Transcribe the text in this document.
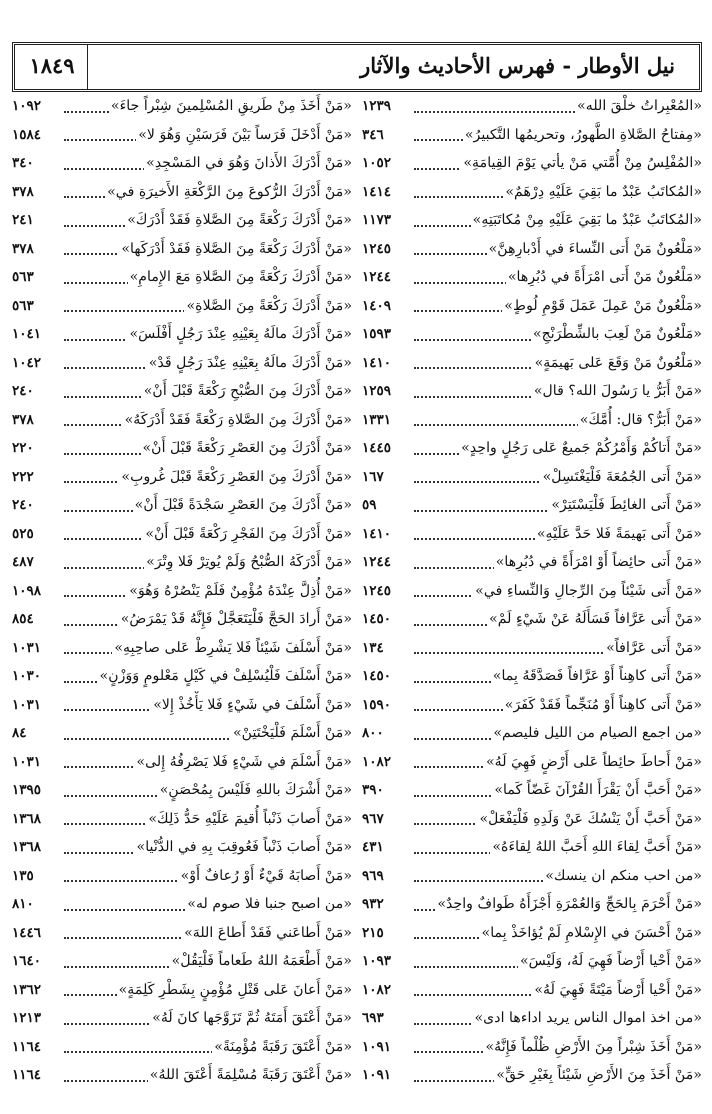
١٨٤٩	نيل الأوطار - فهرس الأحاديث والآثار
«المُعْبِراتُ خلْقَ الله»
١٢٣٩
«مِفتاحُ الصَّلاةِ الطَّهورُ، وتحريمُها التَّكبيرُ»
٣٤٦
«المُفْلِسُ مِنْ أُمَّتي مَنْ يأتي يَوْمَ القِيامَةِ»
١٠٥٢
«المُكاتَبُ عَبْدٌ ما بَقِيَ عَلَيْهِ دِرْهَمٌ»
١٤١٤
«المُكاتَبُ عَبْدٌ ما بَقِيَ عَلَيْهِ مِنْ مُكاتَبَتِهِ»
١١٧٣
«مَلْعُونٌ مَنْ أَتى النِّساءَ في أَدْبارِهِنَّ»
١٢٤٥
«مَلْعُونٌ مَنْ أَتى امْرَأَةً في دُبُرِها»
١٢٤٤
«مَلْعُونٌ مَنْ عَمِلَ عَمَلَ قَوْمِ لُوطٍ»
١٤٠٩
«مَلْعُونٌ مَنْ لَعِبَ بالشِّطْرَنْجِ»
١٥٩٣
«مَلْعُونٌ مَنْ وَقَعَ عَلى بَهيمَةٍ»
١٤١٠
«مَنْ أَبَرُّ يا رَسُولَ الله؟ قال»
١٢٥٩
«مَنْ أَبَرُّ؟ قال: أُمَّكَ»
١٣٣١
«مَنْ أَتاكُمْ وَأَمْرُكُمْ جَميعٌ عَلى رَجُلٍ واحِدٍ»
١٤٤٥
«مَنْ أَتى الجُمُعَةَ فَلْيَغْتَسِلْ»
١٦٧
«مَنْ أَتى الغائِطَ فَلْيَسْتَتِرْ»
٥٩
«مَنْ أَتى بَهيمَةً فَلا حَدَّ عَلَيْهِ»
١٤١٠
«مَنْ أَتى حائِضاً أَوْ امْرَأَةً في دُبُرِها»
١٢٤٤
«مَنْ أَتى شَيْئاً مِنَ الرِّجالِ وَالنِّساءِ في»
١٢٤٥
«مَنْ أَتى عَرَّافاً فَسَأَلَهُ عَنْ شَيْءٍ لَمْ»
١٤٥٠
«مَنْ أَتى عَرَّافاً»
١٣٤
«مَنْ أَتى كاهِناً أَوْ عَرَّافاً فَصَدَّقَهُ بِما»
١٤٥٠
«مَنْ أَتى كاهِناً أَوْ مُنَجِّماً فَقَدْ كَفَرَ»
١٥٩٠
«من اجمع الصيام من الليل فليصم»
٨٠٠
«مَنْ أَحاطَ حائِطاً عَلى أَرْضٍ فَهِيَ لَهُ»
١٠٨٢
«مَنْ أَحَبَّ أَنْ يَقْرَأَ القُرْآنَ غَضّاً كَما»
٣٩٠
«مَنْ أَحَبَّ أَنْ يَنْسُكَ عَنْ وَلَدِهِ فَلْيَفْعَلْ»
٩٦٧
«مَنْ أَحَبَّ لِقاءَ اللهِ أَحَبَّ اللهُ لِقاءَهُ»
٤٣١
«من احب منكم ان ينسك»
٩٦٩
«مَنْ أَحْرَمَ بِالحَجِّ وَالعُمْرَةِ أَجْزَأَهُ طَوافٌ واحِدٌ»
٩٣٢
«مَنْ أَحْسَنَ في الإِسْلامِ لَمْ يُؤاخَذْ بِما»
٢١٥
«مَنْ أَحْيا أَرْضاً فَهِيَ لَهُ، وَلَيْسَ»
١٠٩٣
«مَنْ أَحْيا أَرْضاً مَيْتَةً فَهِيَ لَهُ»
١٠٨٢
«من اخذ اموال الناس يريد اداءها ادى»
٦٩٣
«مَنْ أَخَذَ شِبْراً مِنَ الأَرْضِ ظُلْماً فَإِنَّهُ»
١٠٩١
«مَنْ أَخَذَ مِنَ الأَرْضِ شَيْئاً بِغَيْرِ حَقٍّ»
١٠٩١
«مَنْ أَخَذَ مِنْ طَريقِ المُسْلِمينَ شِبْراً جاءَ»
١٠٩٢
«مَنْ أَدْخَلَ فَرَساً بَيْنَ فَرَسَيْنِ وَهُوَ لا»
١٥٨٤
«مَنْ أَدْرَكَ الأَذانَ وَهُوَ في المَسْجِدِ»
٣٤٠
«مَنْ أَدْرَكَ الرُّكوعَ مِنَ الرَّكْعَةِ الأَخيرَةِ في»
٣٧٨
«مَنْ أَدْرَكَ رَكْعَةً مِنَ الصَّلاةِ فَقَدْ أَدْرَكَ»
٢٤١
«مَنْ أَدْرَكَ رَكْعَةً مِنَ الصَّلاةِ فَقَدْ أَدْرَكَها»
٣٧٨
«مَنْ أَدْرَكَ رَكْعَةً مِنَ الصَّلاةِ مَعَ الإِمامِ»
٥٦٣
«مَنْ أَدْرَكَ رَكْعَةً مِنَ الصَّلاةِ»
٥٦٣
«مَنْ أَدْرَكَ مالَهُ بِعَيْنِهِ عِنْدَ رَجُلٍ أَفْلَسَ»
١٠٤١
«مَنْ أَدْرَكَ مالَهُ بِعَيْنِهِ عِنْدَ رَجُلٍ قَدْ»
١٠٤٢
«مَنْ أَدْرَكَ مِنَ الصُّبْحِ رَكْعَةً قَبْلَ أَنْ»
٢٤٠
«مَنْ أَدْرَكَ مِنَ الصَّلاةِ رَكْعَةً فَقَدْ أَدْرَكَهُ»
٣٧٨
«مَنْ أَدْرَكَ مِنَ العَصْرِ رَكْعَةً قَبْلَ أَنْ»
٢٢٠
«مَنْ أَدْرَكَ مِنَ العَصْرِ رَكْعَةً قَبْلَ غُروبِ»
٢٢٢
«مَنْ أَدْرَكَ مِنَ العَصْرِ سَجْدَةً قَبْلَ أَنْ»
٢٤٠
«مَنْ أَدْرَكَ مِنَ الفَجْرِ رَكْعَةً قَبْلَ أَنْ»
٥٢٥
«مَنْ أَدْرَكَهُ الصُّبْحُ وَلَمْ يُوتِرْ فَلا وِتْرَ»
٤٨٧
«مَنْ أُذِلَّ عِنْدَهُ مُؤْمِنٌ فَلَمْ يَنْصُرْهُ وَهُوَ»
١٠٩٨
«مَنْ أَرادَ الحَجَّ فَلْيَتَعَجَّلْ فَإِنَّهُ قَدْ يَمْرَضُ»
٨٥٤
«مَنْ أَسْلَفَ شَيْئاً فَلا يَشْرِطْ عَلى صاحِبِهِ»
١٠٣١
«مَنْ أَسْلَفَ فَلْيُسْلِفْ في كَيْلٍ مَعْلومٍ وَوَزْنٍ»
١٠٣٠
«مَنْ أَسْلَفَ في شَيْءٍ فَلا يَأْخُذْ إِلا»
١٠٣١
«مَنْ أَسْلَمَ فَلْيَخْتَتِنْ»
٨٤
«مَنْ أَسْلَمَ في شَيْءٍ فَلا يَصْرِفُهُ إِلى»
١٠٣١
«مَنْ أَشْرَكَ باللهِ فَلَيْسَ بِمُحْصَنٍ»
١٣٩٥
«مَنْ أَصابَ ذَنْباً أُقيمَ عَلَيْهِ حَدُّ ذَلِكَ»
١٣٦٨
«مَنْ أَصابَ ذَنْباً فَعُوقِبَ بِهِ في الدُّنْيا»
١٣٦٨
«مَنْ أَصابَهُ قَيْءٌ أَوْ رُعافٌ أَوْ»
١٣٥
«من اصبح جنبا فلا صوم له»
٨١٠
«مَنْ أَطاعَني فَقَدْ أَطاعَ اللهَ»
١٤٤٦
«مَنْ أَطْعَمَهُ اللهُ طَعاماً فَلْيَقُلْ»
١٦٤٠
«مَنْ أَعانَ عَلى قَتْلِ مُؤْمِنٍ بِشَطْرِ كَلِمَةٍ»
١٣٦٢
«مَنْ أَعْتَقَ أَمَتَهُ ثُمَّ تَزَوَّجَها كانَ لَهُ»
١٢١٣
«مَنْ أَعْتَقَ رَقَبَةً مُؤْمِنَةً»
١١٦٤
«مَنْ أَعْتَقَ رَقَبَةً مُسْلِمَةً أَعْتَقَ اللهُ»
١١٦٤
